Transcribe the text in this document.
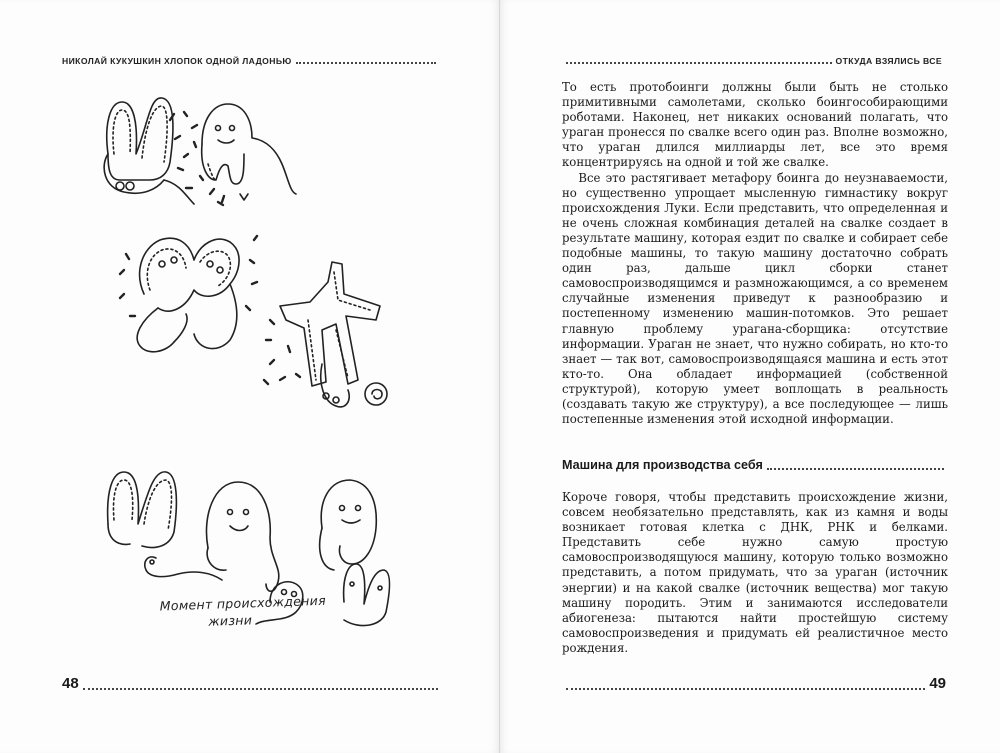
НИКОЛАЙ КУКУШКИН ХЛОПОК ОДНОЙ ЛАДОНЬЮ
Момент происхождения
жизни
48
ОТКУДА ВЗЯЛИСЬ ВСЕ

То есть протобоинги должны были быть не столько примитивными самолетами, сколько боингособирающими роботами. Наконец, нет никаких оснований полагать, что ураган пронесся по свалке всего один раз. Вполне возможно, что ураган длился миллиарды лет, все это время концентрируясь на одной и той же свалке.

Все это растягивает метафору боинга до неузнаваемости, но существенно упрощает мысленную гимнастику вокруг происхождения Луки. Если представить, что определенная и не очень сложная комбинация деталей на свалке создает в результате машину, которая ездит по свалке и собирает себе подобные машины, то такую машину достаточно собрать один раз, дальше цикл сборки станет самовоспроизводящимся и размножающимся, а со временем случайные изменения приведут к разнообразию и постепенному изменению машин-потомков. Это решает главную проблему урагана-сборщика: отсутствие информации. Ураган не знает, что нужно собирать, но кто-то знает — так вот, самовоспроизводящаяся машина и есть этот кто-то. Она обладает информацией (собственной структурой), которую умеет воплощать в реальность (создавать такую же структуру), а все последующее — лишь постепенные изменения этой исходной информации.

Машина для производства себя

Короче говоря, чтобы представить происхождение жизни, совсем необязательно представлять, как из камня и воды возникает готовая клетка с ДНК, РНК и белками. Представить себе нужно самую простую самовоспроизводящуюся машину, которую только возможно представить, а потом придумать, что за ураган (источник энергии) и на какой свалке (источник вещества) мог такую машину породить. Этим и занимаются исследователи абиогенеза: пытаются найти простейшую систему самовоспроизведения и придумать ей реалистичное место рождения.

49
